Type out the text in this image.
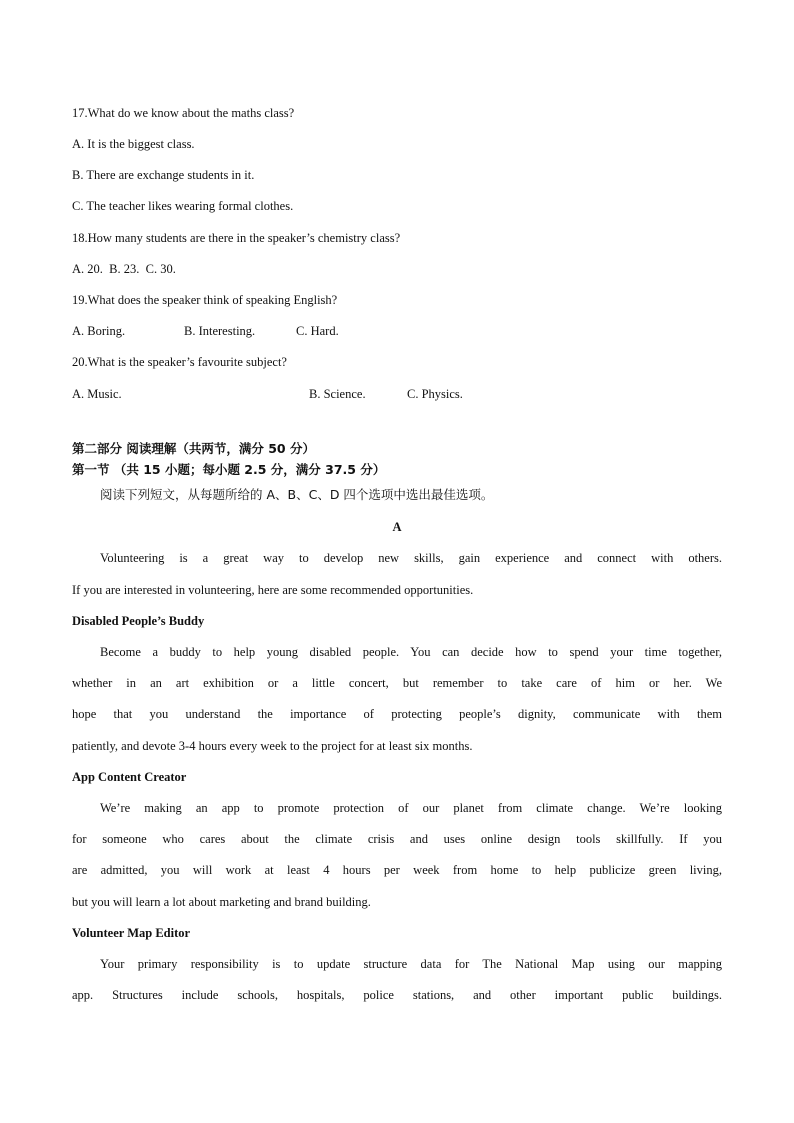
17.What do we know about the maths class?
A. It is the biggest class.
B. There are exchange students in it.
C. The teacher likes wearing formal clothes.
18.How many students are there in the speaker’s chemistry class?
A. 20.  B. 23.  C. 30.
19.What does the speaker think of speaking English?
A. Boring.	B. Interesting.	C. Hard.
20.What is the speaker’s favourite subject?
A. Music.	B. Science.	C. Physics.
第二部分 阅读理解（共两节，满分 50 分）
第一节 （共 15 小题；每小题 2.5 分，满分 37.5 分）
阅读下列短文，从每题所给的 A、B、C、D 四个选项中选出最佳选项。
A
Volunteering is a great way to develop new skills, gain experience and connect with others.
If you are interested in volunteering, here are some recommended opportunities.
Disabled People’s Buddy
Become a buddy to help young disabled people. You can decide how to spend your time together,
whether in an art exhibition or a little concert, but remember to take care of him or her. We
hope that you understand the importance of protecting people’s dignity, communicate with them
patiently, and devote 3-4 hours every week to the project for at least six months.
App Content Creator
We’re making an app to promote protection of our planet from climate change. We’re looking
for someone who cares about the climate crisis and uses online design tools skillfully. If you
are admitted, you will work at least 4 hours per week from home to help publicize green living,
but you will learn a lot about marketing and brand building.
Volunteer Map Editor
Your primary responsibility is to update structure data for The National Map using our mapping
app. Structures include schools, hospitals, police stations, and other important public buildings.
